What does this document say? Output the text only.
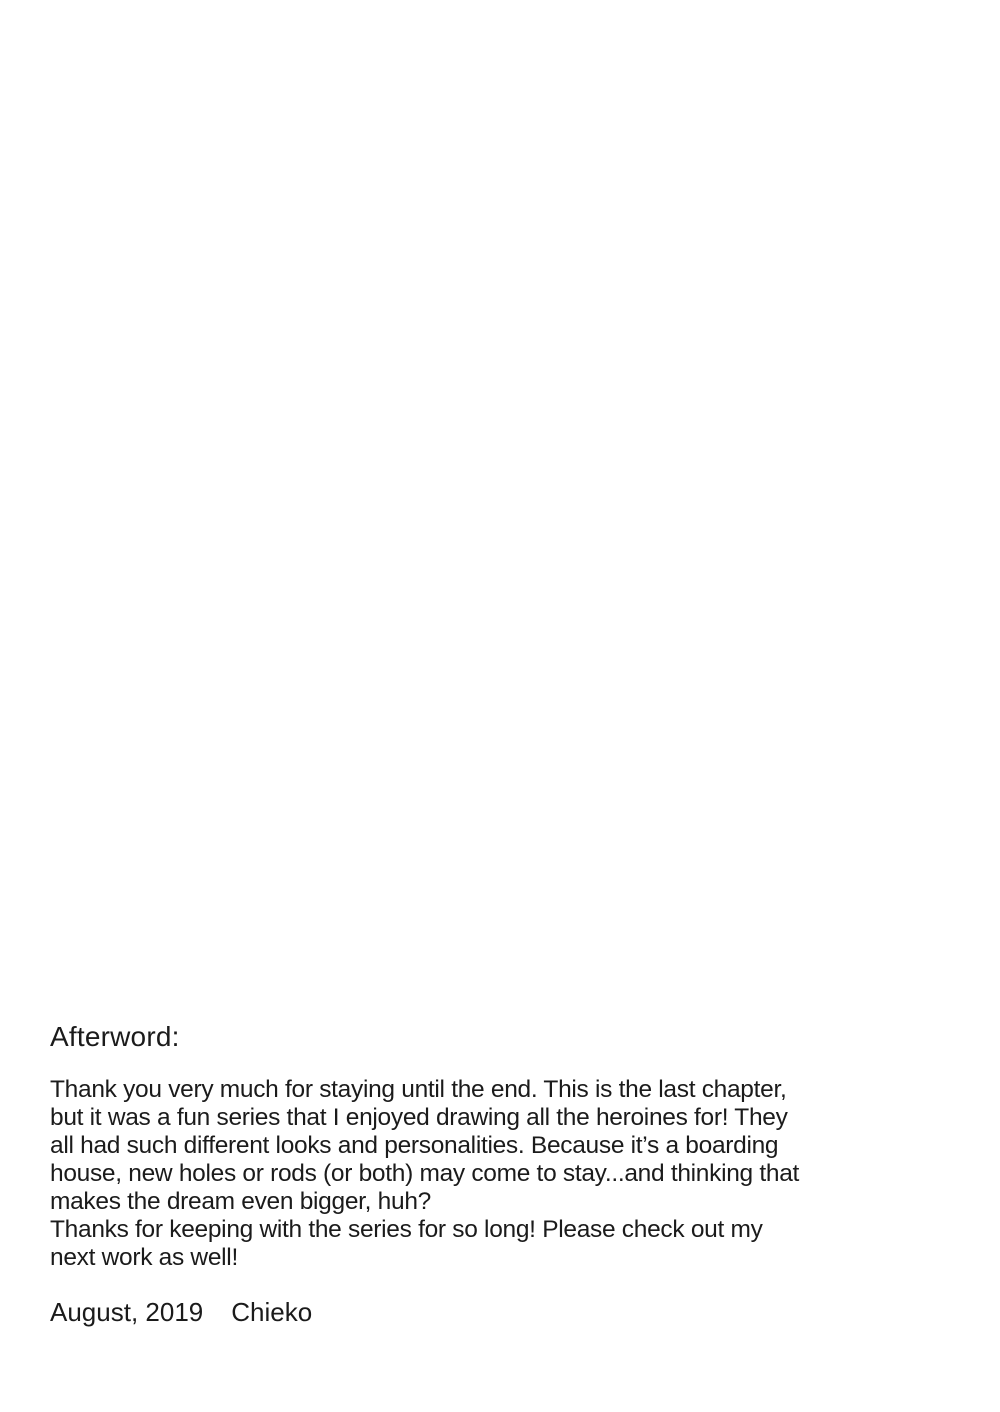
Afterword:
Thank you very much for staying until the end. This is the last chapter,
but it was a fun series that I enjoyed drawing all the heroines for! They
all had such different looks and personalities. Because it’s a boarding
house, new holes or rods (or both) may come to stay...and thinking that
makes the dream even bigger, huh?
Thanks for keeping with the series for so long! Please check out my
next work as well!
August, 2019 Chieko
